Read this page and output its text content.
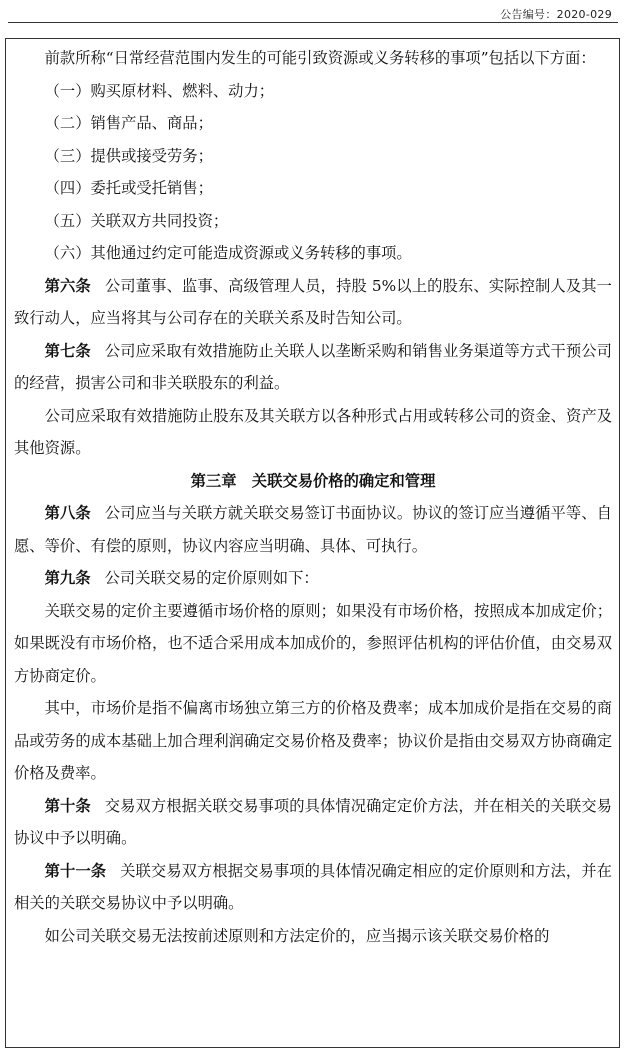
公告编号：2020-029

前款所称“日常经营范围内发生的可能引致资源或义务转移的事项”包括以下方面：

（一）购买原材料、燃料、动力；

（二）销售产品、商品；

（三）提供或接受劳务；

（四）委托或受托销售；

（五）关联双方共同投资；

（六）其他通过约定可能造成资源或义务转移的事项。

第六条 公司董事、监事、高级管理人员，持股 5%以上的股东、实际控制人及其一致行动人，应当将其与公司存在的关联关系及时告知公司。

第七条 公司应采取有效措施防止关联人以垄断采购和销售业务渠道等方式干预公司的经营，损害公司和非关联股东的利益。

公司应采取有效措施防止股东及其关联方以各种形式占用或转移公司的资金、资产及其他资源。

第三章　关联交易价格的确定和管理

第八条 公司应当与关联方就关联交易签订书面协议。协议的签订应当遵循平等、自愿、等价、有偿的原则，协议内容应当明确、具体、可执行。

第九条 公司关联交易的定价原则如下：

关联交易的定价主要遵循市场价格的原则；如果没有市场价格，按照成本加成定价；如果既没有市场价格，也不适合采用成本加成价的，参照评估机构的评估价值，由交易双方协商定价。

其中，市场价是指不偏离市场独立第三方的价格及费率；成本加成价是指在交易的商品或劳务的成本基础上加合理利润确定交易价格及费率；协议价是指由交易双方协商确定价格及费率。

第十条 交易双方根据关联交易事项的具体情况确定定价方法，并在相关的关联交易协议中予以明确。

第十一条 关联交易双方根据交易事项的具体情况确定相应的定价原则和方法，并在相关的关联交易协议中予以明确。

如公司关联交易无法按前述原则和方法定价的，应当揭示该关联交易价格的
